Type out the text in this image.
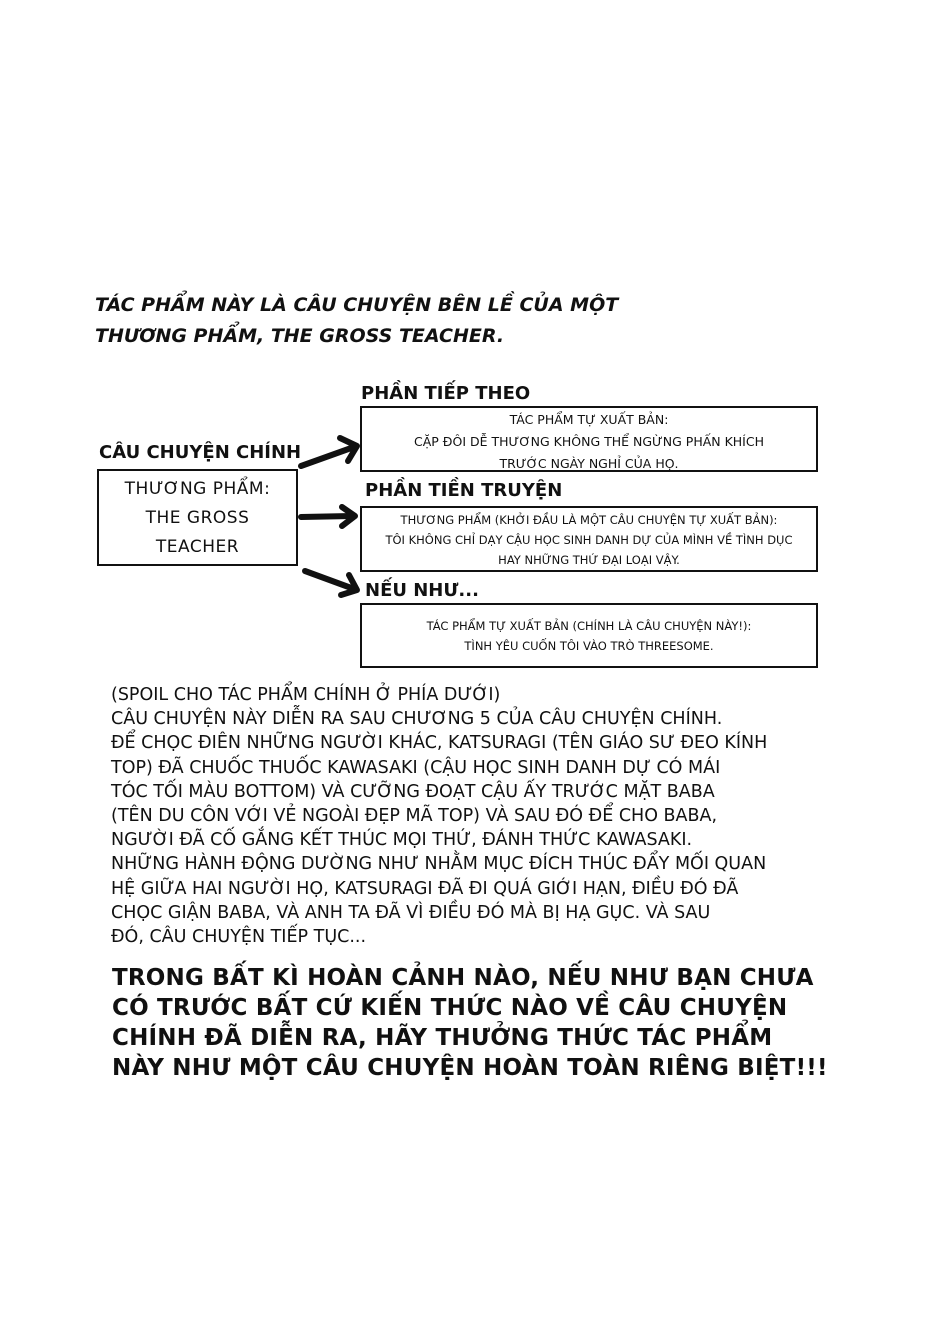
TÁC PHẨM NÀY LÀ CÂU CHUYỆN BÊN LỀ CỦA MỘT
THƯƠNG PHẨM, THE GROSS TEACHER.
CÂU CHUYỆN CHÍNH
THƯƠNG PHẨM:
THE GROSS
TEACHER
PHẦN TIẾP THEO
TÁC PHẨM TỰ XUẤT BẢN:
CẶP ĐÔI DỄ THƯƠNG KHÔNG THỂ NGỪNG PHẤN KHÍCH
TRƯỚC NGÀY NGHỈ CỦA HỌ.
PHẦN TIỀN TRUYỆN
THƯƠNG PHẨM (KHỞI ĐẦU LÀ MỘT CÂU CHUYỆN TỰ XUẤT BẢN):
TÔI KHÔNG CHỈ DẠY CẬU HỌC SINH DANH DỰ CỦA MÌNH VỀ TÌNH DỤC
HAY NHỮNG THỨ ĐẠI LOẠI VẬY.
NẾU NHƯ...
TÁC PHẨM TỰ XUẤT BẢN (CHÍNH LÀ CÂU CHUYỆN NÀY!):
TÌNH YÊU CUỐN TÔI VÀO TRÒ THREESOME.
(SPOIL CHO TÁC PHẨM CHÍNH Ở PHÍA DƯỚI)
CÂU CHUYỆN NÀY DIỄN RA SAU CHƯƠNG 5 CỦA CÂU CHUYỆN CHÍNH.
ĐỂ CHỌC ĐIÊN NHỮNG NGƯỜI KHÁC, KATSURAGI (TÊN GIÁO SƯ ĐEO KÍNH
TOP) ĐÃ CHUỐC THUỐC KAWASAKI (CẬU HỌC SINH DANH DỰ CÓ MÁI
TÓC TỐI MÀU BOTTOM) VÀ CƯỠNG ĐOẠT CẬU ẤY TRƯỚC MẶT BABA
(TÊN DU CÔN VỚI VẺ NGOÀI ĐẸP MÃ TOP) VÀ SAU ĐÓ ĐỂ CHO BABA,
NGƯỜI ĐÃ CỐ GẮNG KẾT THÚC MỌI THỨ, ĐÁNH THỨC KAWASAKI.
NHỮNG HÀNH ĐỘNG DƯỜNG NHƯ NHẰM MỤC ĐÍCH THÚC ĐẨY MỐI QUAN
HỆ GIỮA HAI NGƯỜI HỌ, KATSURAGI ĐÃ ĐI QUÁ GIỚI HẠN, ĐIỀU ĐÓ ĐÃ
CHỌC GIẬN BABA, VÀ ANH TA ĐÃ VÌ ĐIỀU ĐÓ MÀ BỊ HẠ GỤC. VÀ SAU
ĐÓ, CÂU CHUYỆN TIẾP TỤC...
TRONG BẤT KÌ HOÀN CẢNH NÀO, NẾU NHƯ BẠN CHƯA
CÓ TRƯỚC BẤT CỨ KIẾN THỨC NÀO VỀ CÂU CHUYỆN
CHÍNH ĐÃ DIỄN RA, HÃY THƯỞNG THỨC TÁC PHẨM
NÀY NHƯ MỘT CÂU CHUYỆN HOÀN TOÀN RIÊNG BIỆT!!!
